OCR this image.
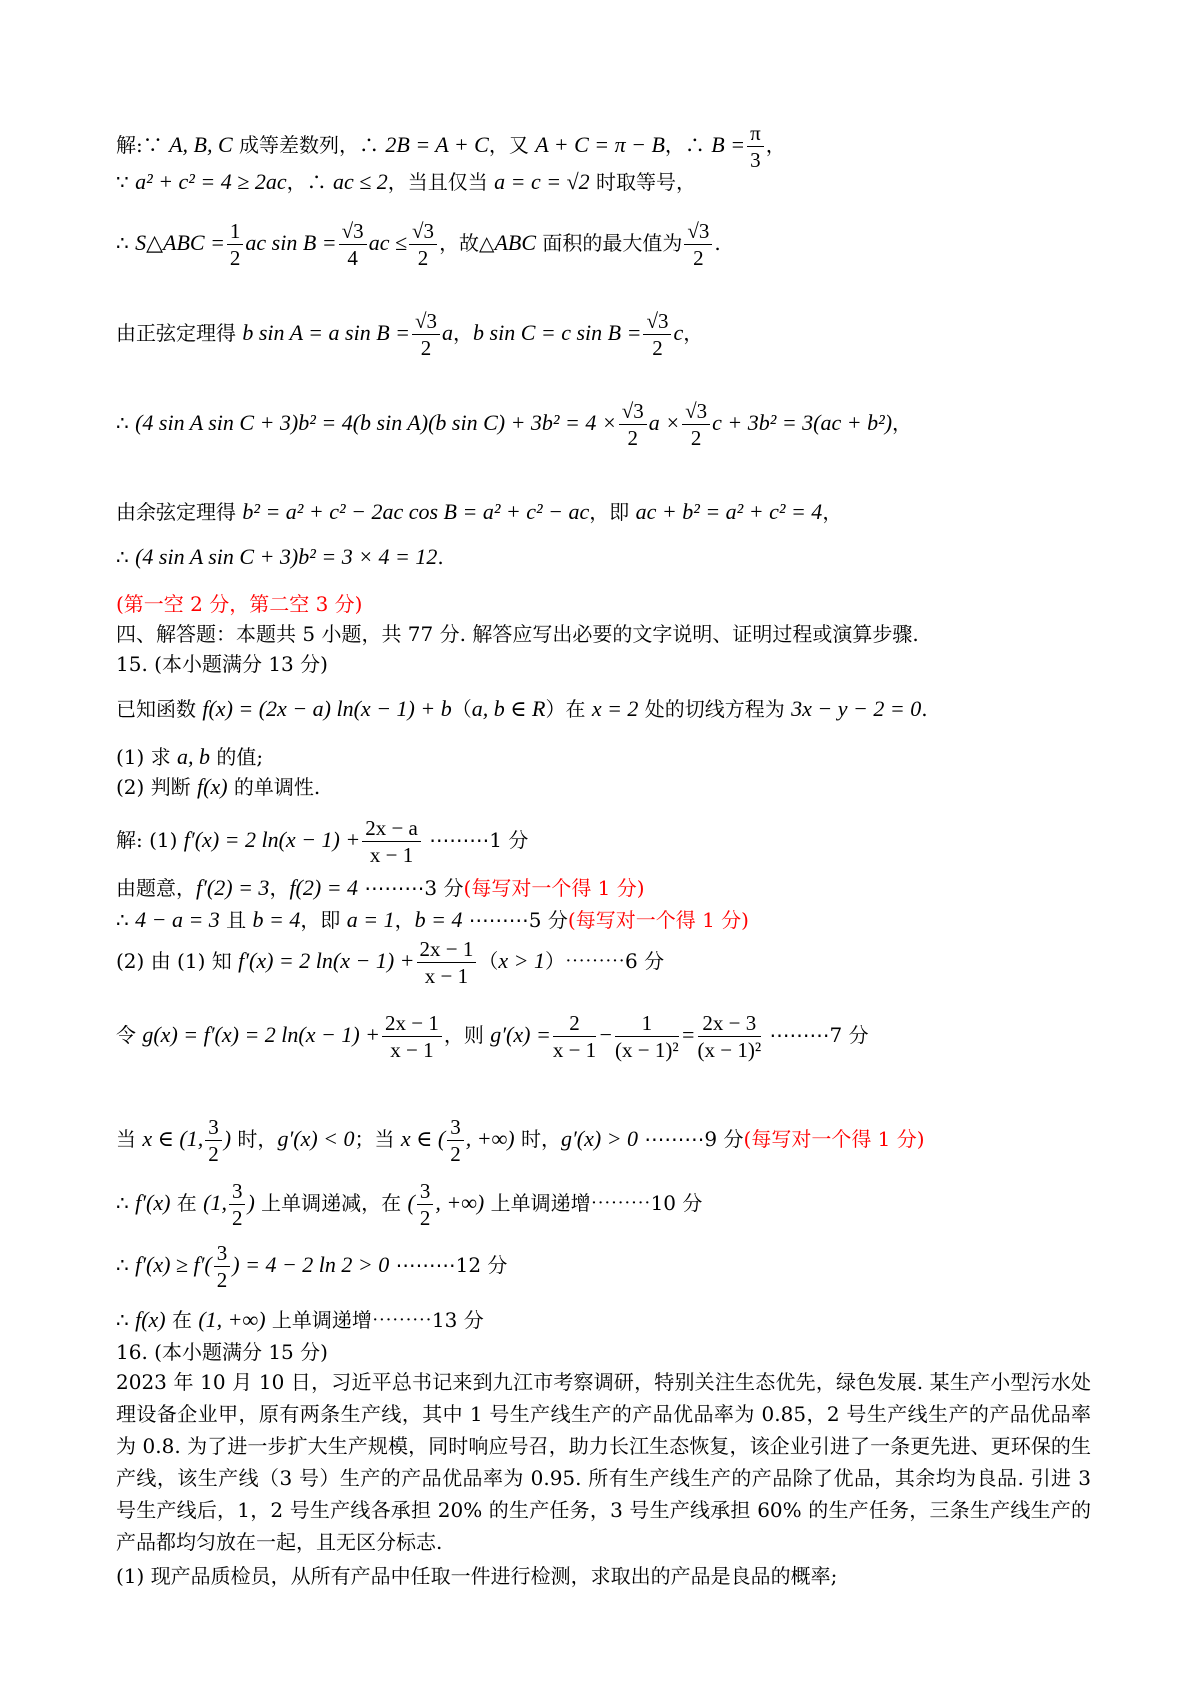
解:∵ A, B, C 成等差数列，∴ 2B = A + C，又 A + C = π − B，∴ $B = \frac{\pi}{3}$ ，
∵ a² + c² = 4 ≥ 2ac，∴ ac ≤ 2，当且仅当 a = c = √2 时取等号，
∴ S△ABC = $\frac{1}{2}$ ac $\sin B = \frac{√3}{4}$ ac ≤ $\frac{√3}{2}$ ，故△ABC 面积的最大值为 $\frac{√3}{2}$ .
由正弦定理得 b sin A = a $\sin B = \frac{√3}{2}$ a，b sin C = c $\sin B = \frac{√3}{2}$ c，
∴ (4 sin A sin C + 3)b² = 4(b sin A)(b $\sin C) + 3b^2 = 4 \times \frac{√3}{2}$ $a \times \frac{√3}{2}$ c + 3b² = 3(ac + b²)，
由余弦定理得 b² = a² + c² − 2ac cos B = a² + c² − ac，即 ac + b² = a² + c² = 4，
∴ (4 sin A sin C + 3)b² = 3 × 4 = 12.
(第一空 2 分，第二空 3 分)
四、解答题：本题共 5 小题，共 77 分. 解答应写出必要的文字说明、证明过程或演算步骤.
15. (本小题满分 13 分)
已知函数 f(x) = (2x − a) ln(x − 1) + b（a, b ∈ R）在 x = 2 处的切线方程为 3x − y − 2 = 0.
(1) 求 a, b 的值;
(2) 判断 f(x) 的单调性.
解: (1) f′(x) = 2 $\ln(x - 1) + \frac{2x - a}{x - 1}$ ⋯⋯⋯1 分
由题意，f′(2) = 3，f(2) = 4 ⋯⋯⋯3 分(每写对一个得 1 分)
∴ 4 − a = 3 且 b = 4，即 a = 1，b = 4 ⋯⋯⋯5 分(每写对一个得 1 分)
(2) 由 (1) 知 f′(x) = 2 $\ln(x - 1) + \frac{2x - 1}{x - 1} (x$ > 1）⋯⋯⋯6 分
令 g(x) = f′(x) = 2 $\ln(x - 1) + \frac{2x - 1}{x - 1}$ ，则 $g'(x) = \frac{2}{x - 1} - \frac{1}{\text{(x − 1)²}} = \frac{2x - 3}{\text{(x − 1)²}}$ ⋯⋯⋯7 分
当 x ∈ (1, $\frac{3}{2}$ ) 时，g′(x) < 0；当 x ∈ ( $\frac{3}{2}$ , +∞) 时，g′(x) > 0 ⋯⋯⋯9 分(每写对一个得 1 分)
∴ f′(x) 在 (1, $\frac{3}{2}$ ) 上单调递减，在 ( $\frac{3}{2}$ , +∞) 上单调递增⋯⋯⋯10 分
∴ $f'(x) \ge f'( \frac{3}{2}$ ) = 4 − 2 ln 2 > 0 ⋯⋯⋯12 分
∴ f(x) 在 (1, +∞) 上单调递增⋯⋯⋯13 分
16. (本小题满分 15 分)
2023 年 10 月 10 日，习近平总书记来到九江市考察调研，特别关注生态优先，绿色发展. 某生产小型污水处理设备企业甲，原有两条生产线，其中 1 号生产线生产的产品优品率为 0.85，2 号生产线生产的产品优品率为 0.8. 为了进一步扩大生产规模，同时响应号召，助力长江生态恢复，该企业引进了一条更先进、更环保的生产线，该生产线（3 号）生产的产品优品率为 0.95. 所有生产线生产的产品除了优品，其余均为良品. 引进 3 号生产线后，1，2 号生产线各承担 20% 的生产任务，3 号生产线承担 60% 的生产任务，三条生产线生产的产品都均匀放在一起，且无区分标志.
(1) 现产品质检员，从所有产品中任取一件进行检测，求取出的产品是良品的概率;
